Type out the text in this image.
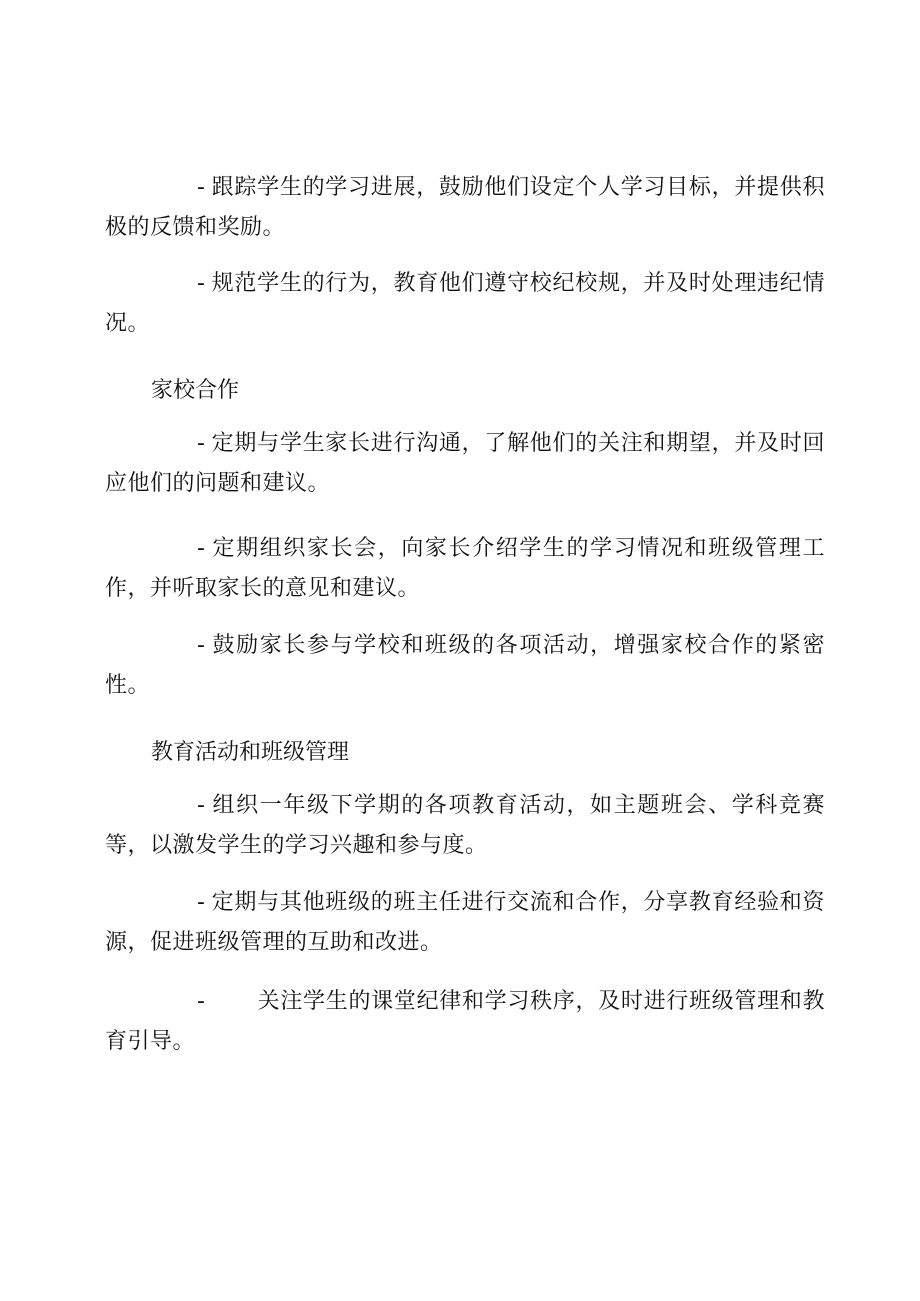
- 跟踪学生的学习进展，鼓励他们设定个人学习目标，并提供积极的反馈和奖励。

- 规范学生的行为，教育他们遵守校纪校规，并及时处理违纪情况。

家校合作

- 定期与学生家长进行沟通，了解他们的关注和期望，并及时回应他们的问题和建议。

- 定期组织家长会，向家长介绍学生的学习情况和班级管理工作，并听取家长的意见和建议。

- 鼓励家长参与学校和班级的各项活动，增强家校合作的紧密性。

教育活动和班级管理

- 组织一年级下学期的各项教育活动，如主题班会、学科竞赛等，以激发学生的学习兴趣和参与度。

- 定期与其他班级的班主任进行交流和合作，分享教育经验和资源，促进班级管理的互助和改进。

- 关注学生的课堂纪律和学习秩序，及时进行班级管理和教育引导。
